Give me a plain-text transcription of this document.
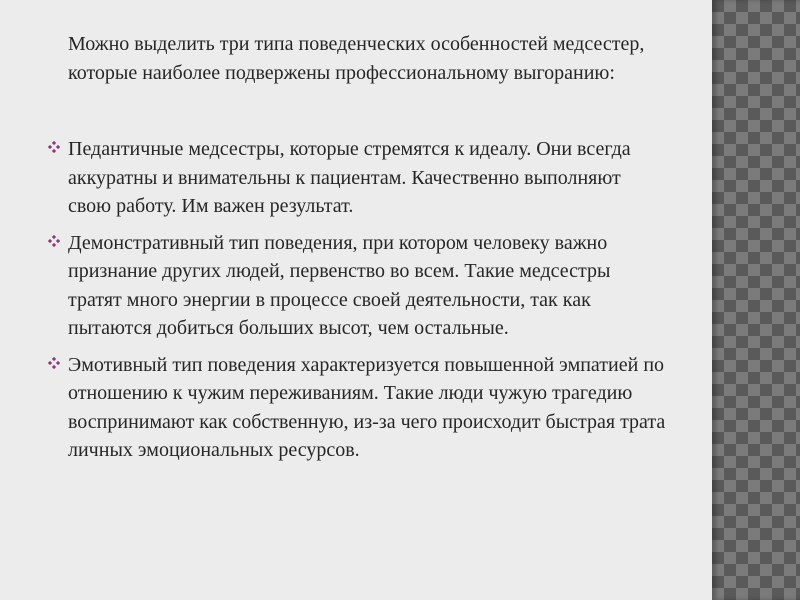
Можно выделить три типа поведенческих особенностей медсестер, которые наиболее подвержены профессиональному выгоранию:

Педантичные медсестры, которые стремятся к идеалу. Они всегда аккуратны и внимательны к пациентам. Качественно выполняют свою работу. Им важен результат.
Демонстративный тип поведения, при котором человеку важно признание других людей, первенство во всем. Такие медсестры тратят много энергии в процессе своей деятельности, так как пытаются добиться больших высот, чем остальные.
Эмотивный тип поведения характеризуется повышенной эмпатией по отношению к чужим переживаниям. Такие люди чужую трагедию воспринимают как собственную, из-за чего происходит быстрая трата личных эмоциональных ресурсов.
